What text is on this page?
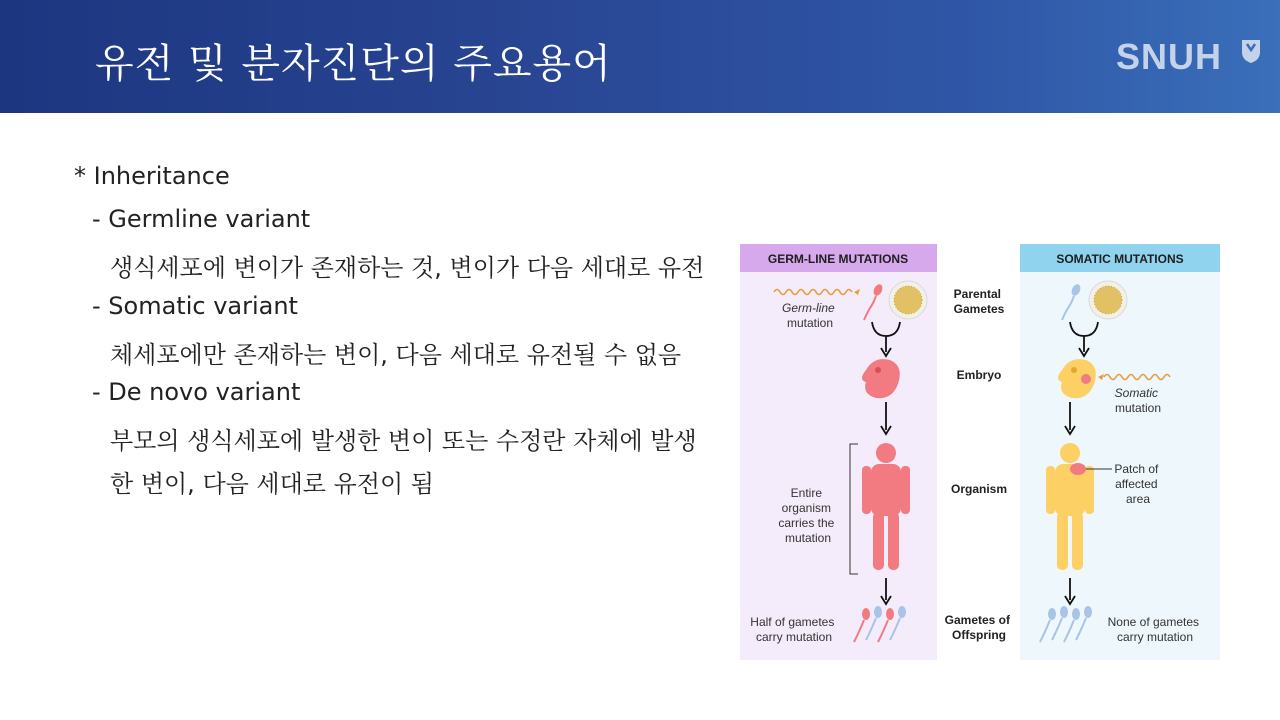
유전 및 분자진단의 주요용어	SNUH
* Inheritance
- Germline variant
생식세포에 변이가 존재하는 것, 변이가 다음 세대로 유전
- Somatic variant
체세포에만 존재하는 변이, 다음 세대로 유전될 수 없음
- De novo variant
부모의 생식세포에 발생한 변이 또는 수정란 자체에 발생
한 변이, 다음 세대로 유전이 됨
GERM-LINE MUTATIONS	SOMATIC MUTATIONS
Parental Gametes
Embryo
Organism
Gametes of Offspring
Germ-line mutation
Entire organism carries the mutation
Half of gametes carry mutation
Somatic mutation
Patch of affected area
None of gametes carry mutation
